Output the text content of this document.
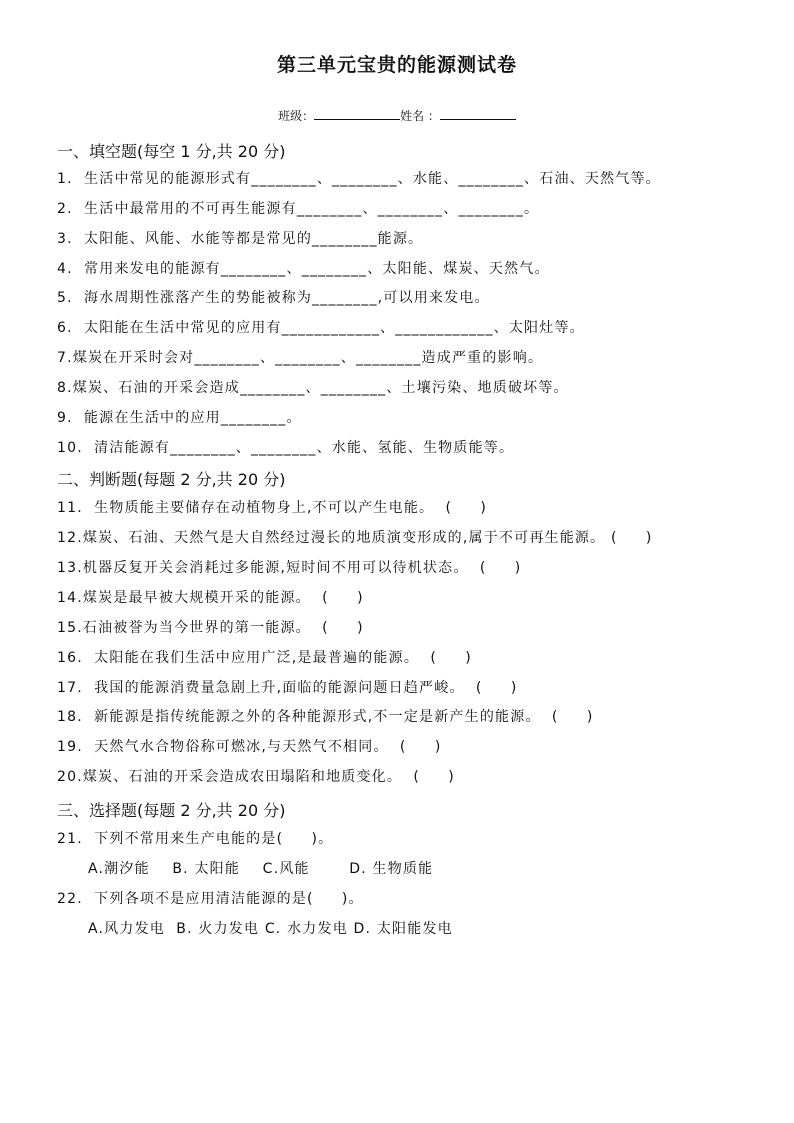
第三单元宝贵的能源测试卷
班级：	姓名 ：
一、填空题(每空 1 分,共 20 分)
1.  生活中常见的能源形式有________、________、水能、________、石油、天然气等。
2.  生活中最常用的不可再生能源有________、________、________。
3.  太阳能、风能、水能等都是常见的________能源。
4.  常用来发电的能源有________、________、太阳能、煤炭、天然气。
5.  海水周期性涨落产生的势能被称为________,可以用来发电。
6.  太阳能在生活中常见的应用有____________、____________、太阳灶等。
7.煤炭在开采时会对________、________、________造成严重的影响。
8.煤炭、石油的开采会造成________、________、土壤污染、地质破坏等。
9.  能源在生活中的应用________。
10.  清洁能源有________、________、水能、氢能、生物质能等。
二、判断题(每题 2 分,共 20 分)
11.  生物质能主要储存在动植物身上,不可以产生电能。  (     )
12.煤炭、石油、天然气是大自然经过漫长的地质演变形成的,属于不可再生能源。 (     )
13.机器反复开关会消耗过多能源,短时间不用可以待机状态。  (     )
14.煤炭是最早被大规模开采的能源。  (     )
15.石油被誉为当今世界的第一能源。  (     )
16.  太阳能在我们生活中应用广泛,是最普遍的能源。  (     )
17.  我国的能源消费量急剧上升,面临的能源问题日趋严峻。  (     )
18.  新能源是指传统能源之外的各种能源形式,不一定是新产生的能源。  (     )
19.  天然气水合物俗称可燃冰,与天然气不相同。  (     )
20.煤炭、石油的开采会造成农田塌陷和地质变化。  (     )
三、选择题(每题 2 分,共 20 分)
21.  下列不常用来生产电能的是(     )。
A.潮汐能    B. 太阳能    C.风能       D. 生物质能
22.  下列各项不是应用清洁能源的是(     )。
A.风力发电  B. 火力发电 C. 水力发电 D. 太阳能发电
